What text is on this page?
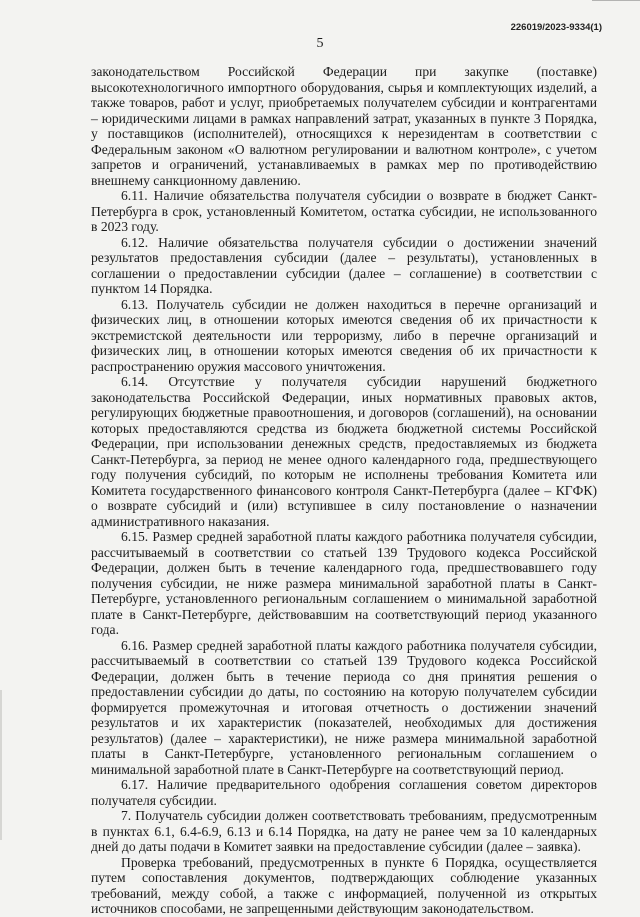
226019/2023-9334(1)
5

законодательством Российской Федерации при закупке (поставке) высокотехнологичного импортного оборудования, сырья и комплектующих изделий, а также товаров, работ и услуг, приобретаемых получателем субсидии и контрагентами – юридическими лицами в рамках направлений затрат, указанных в пункте 3 Порядка, у поставщиков (исполнителей), относящихся к нерезидентам в соответствии с Федеральным законом «О валютном регулировании и валютном контроле», с учетом запретов и ограничений, устанавливаемых в рамках мер по противодействию внешнему санкционному давлению.

6.11. Наличие обязательства получателя субсидии о возврате в бюджет Санкт-Петербурга в срок, установленный Комитетом, остатка субсидии, не использованного в 2023 году.

6.12. Наличие обязательства получателя субсидии о достижении значений результатов предоставления субсидии (далее – результаты), установленных в соглашении о предоставлении субсидии (далее – соглашение) в соответствии с пунктом 14 Порядка.

6.13. Получатель субсидии не должен находиться в перечне организаций и физических лиц, в отношении которых имеются сведения об их причастности к экстремистской деятельности или терроризму, либо в перечне организаций и физических лиц, в отношении которых имеются сведения об их причастности к распространению оружия массового уничтожения.

6.14. Отсутствие у получателя субсидии нарушений бюджетного законодательства Российской Федерации, иных нормативных правовых актов, регулирующих бюджетные правоотношения, и договоров (соглашений), на основании которых предоставляются средства из бюджета бюджетной системы Российской Федерации, при использовании денежных средств, предоставляемых из бюджета Санкт-Петербурга, за период не менее одного календарного года, предшествующего году получения субсидий, по которым не исполнены требования Комитета или Комитета государственного финансового контроля Санкт-Петербурга (далее – КГФК) о возврате субсидий и (или) вступившее в силу постановление о назначении административного наказания.

6.15. Размер средней заработной платы каждого работника получателя субсидии, рассчитываемый в соответствии со статьей 139 Трудового кодекса Российской Федерации, должен быть в течение календарного года, предшествовавшего году получения субсидии, не ниже размера минимальной заработной платы в Санкт-Петербурге, установленного региональным соглашением о минимальной заработной плате в Санкт-Петербурге, действовавшим на соответствующий период указанного года.

6.16. Размер средней заработной платы каждого работника получателя субсидии, рассчитываемый в соответствии со статьей 139 Трудового кодекса Российской Федерации, должен быть в течение периода со дня принятия решения о предоставлении субсидии до даты, по состоянию на которую получателем субсидии формируется промежуточная и итоговая отчетность о достижении значений результатов и их характеристик (показателей, необходимых для достижения результатов) (далее – характеристики), не ниже размера минимальной заработной платы в Санкт-Петербурге, установленного региональным соглашением о минимальной заработной плате в Санкт-Петербурге на соответствующий период.

6.17. Наличие предварительного одобрения соглашения советом директоров получателя субсидии.

7. Получатель субсидии должен соответствовать требованиям, предусмотренным в пунктах 6.1, 6.4-6.9, 6.13 и 6.14 Порядка, на дату не ранее чем за 10 календарных дней до даты подачи в Комитет заявки на предоставление субсидии (далее – заявка).

Проверка требований, предусмотренных в пункте 6 Порядка, осуществляется путем сопоставления документов, подтверждающих соблюдение указанных требований, между собой, а также с информацией, полученной из открытых источников способами, не запрещенными действующим законодательством.
